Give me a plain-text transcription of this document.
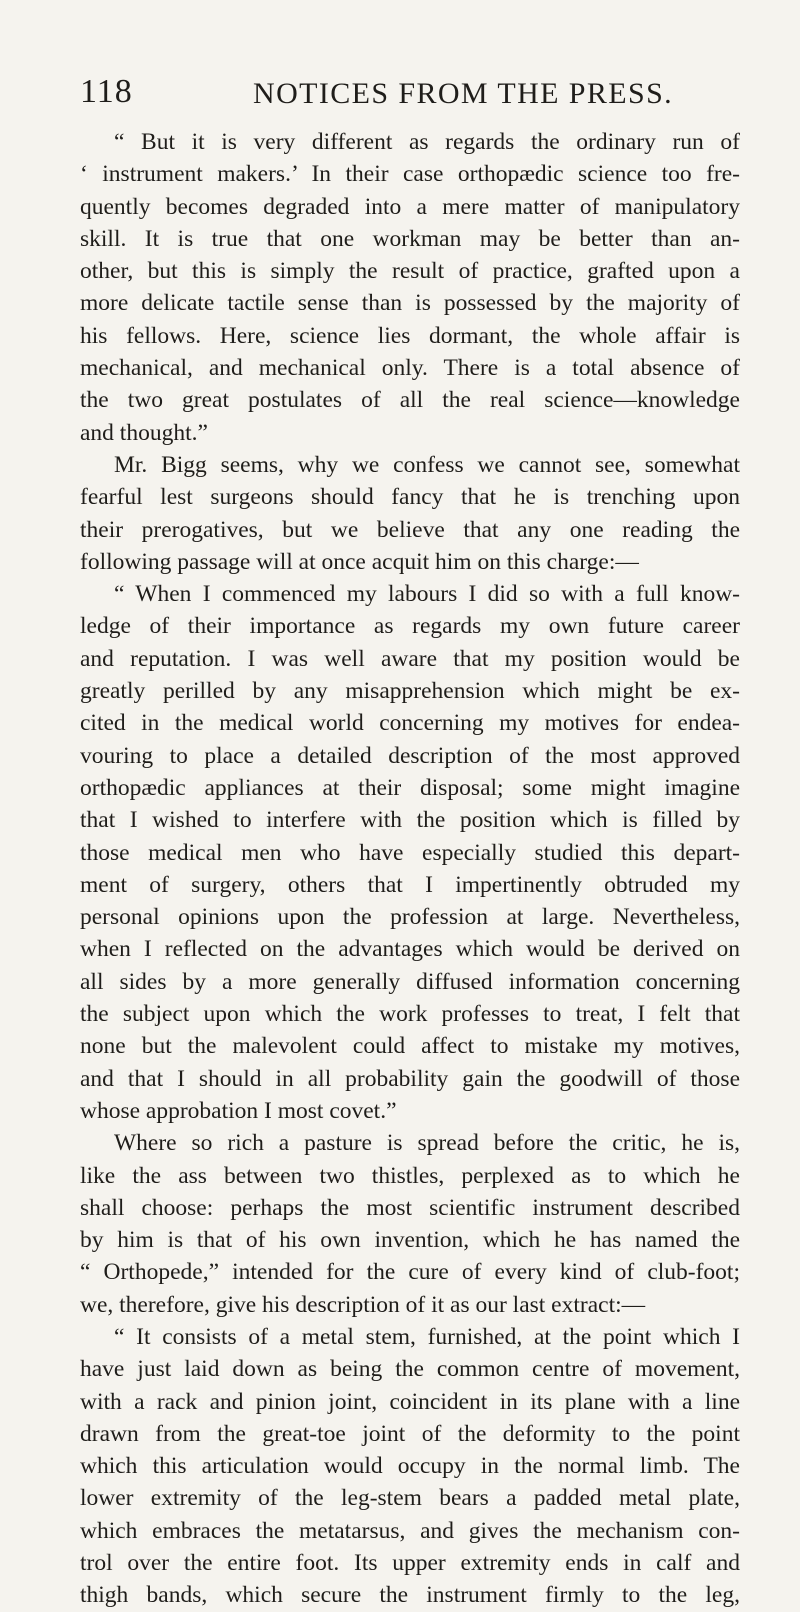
118	NOTICES FROM THE PRESS.
“ But it is very different as regards the ordinary run of
‘ instrument makers.’ In their case orthopædic science too fre-
quently becomes degraded into a mere matter of manipulatory
skill. It is true that one workman may be better than an-
other, but this is simply the result of practice, grafted upon a
more delicate tactile sense than is possessed by the majority of
his fellows. Here, science lies dormant, the whole affair is
mechanical, and mechanical only. There is a total absence of
the two great postulates of all the real science—knowledge
and thought.”
Mr. Bigg seems, why we confess we cannot see, somewhat
fearful lest surgeons should fancy that he is trenching upon
their prerogatives, but we believe that any one reading the
following passage will at once acquit him on this charge:—
“ When I commenced my labours I did so with a full know-
ledge of their importance as regards my own future career
and reputation. I was well aware that my position would be
greatly perilled by any misapprehension which might be ex-
cited in the medical world concerning my motives for endea-
vouring to place a detailed description of the most approved
orthopædic appliances at their disposal; some might imagine
that I wished to interfere with the position which is filled by
those medical men who have especially studied this depart-
ment of surgery, others that I impertinently obtruded my
personal opinions upon the profession at large. Nevertheless,
when I reflected on the advantages which would be derived on
all sides by a more generally diffused information concerning
the subject upon which the work professes to treat, I felt that
none but the malevolent could affect to mistake my motives,
and that I should in all probability gain the goodwill of those
whose approbation I most covet.”
Where so rich a pasture is spread before the critic, he is,
like the ass between two thistles, perplexed as to which he
shall choose: perhaps the most scientific instrument described
by him is that of his own invention, which he has named the
“ Orthopede,” intended for the cure of every kind of club-foot;
we, therefore, give his description of it as our last extract:—
“ It consists of a metal stem, furnished, at the point which I
have just laid down as being the common centre of movement,
with a rack and pinion joint, coincident in its plane with a line
drawn from the great-toe joint of the deformity to the point
which this articulation would occupy in the normal limb. The
lower extremity of the leg-stem bears a padded metal plate,
which embraces the metatarsus, and gives the mechanism con-
trol over the entire foot. Its upper extremity ends in calf and
thigh bands, which secure the instrument firmly to the leg,
